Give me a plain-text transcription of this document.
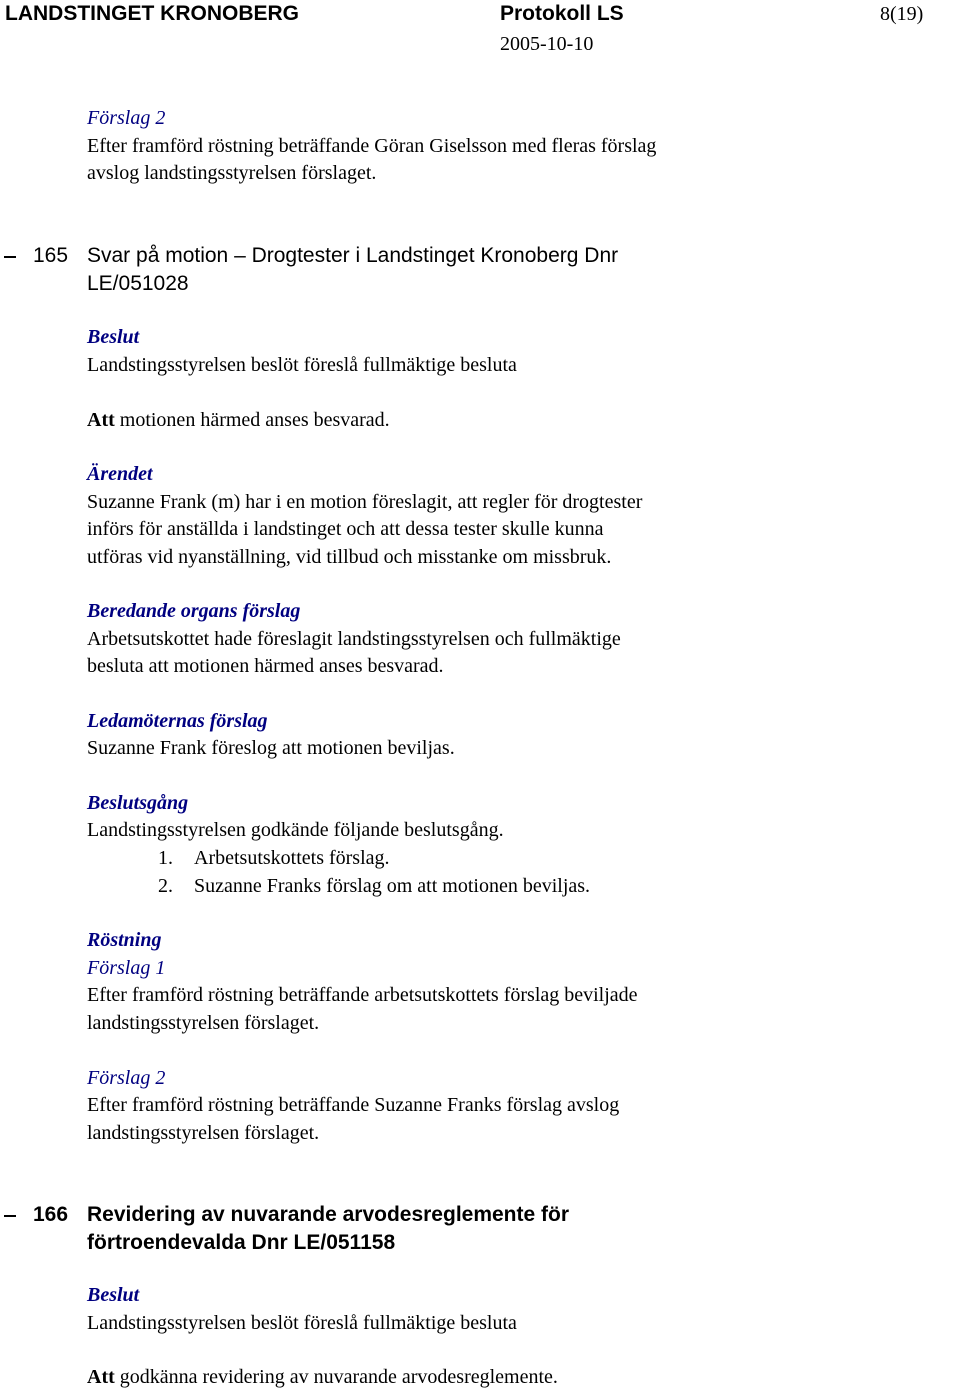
LANDSTINGET KRONOBERG	Protokoll LS
2005-10-10
8(19)
Förslag 2
Efter framförd röstning beträffande Göran Giselsson med fleras förslag
avslog landstingsstyrelsen förslaget.
165 Svar på motion – Drogtester i Landstinget Kronoberg Dnr
LE/051028
Beslut
Landstingsstyrelsen beslöt föreslå fullmäktige besluta
Att motionen härmed anses besvarad.
Ärendet
Suzanne Frank (m) har i en motion föreslagit, att regler för drogtester
införs för anställda i landstinget och att dessa tester skulle kunna
utföras vid nyanställning, vid tillbud och misstanke om missbruk.
Beredande organs förslag
Arbetsutskottet hade föreslagit landstingsstyrelsen och fullmäktige
besluta att motionen härmed anses besvarad.
Ledamöternas förslag
Suzanne Frank föreslog att motionen beviljas.
Beslutsgång
Landstingsstyrelsen godkände följande beslutsgång.
1. Arbetsutskottets förslag.
2. Suzanne Franks förslag om att motionen beviljas.
Röstning
Förslag 1
Efter framförd röstning beträffande arbetsutskottets förslag beviljade
landstingsstyrelsen förslaget.
Förslag 2
Efter framförd röstning beträffande Suzanne Franks förslag avslog
landstingsstyrelsen förslaget.
166 Revidering av nuvarande arvodesreglemente för
förtroendevalda Dnr LE/051158
Beslut
Landstingsstyrelsen beslöt föreslå fullmäktige besluta
Att godkänna revidering av nuvarande arvodesreglemente.
